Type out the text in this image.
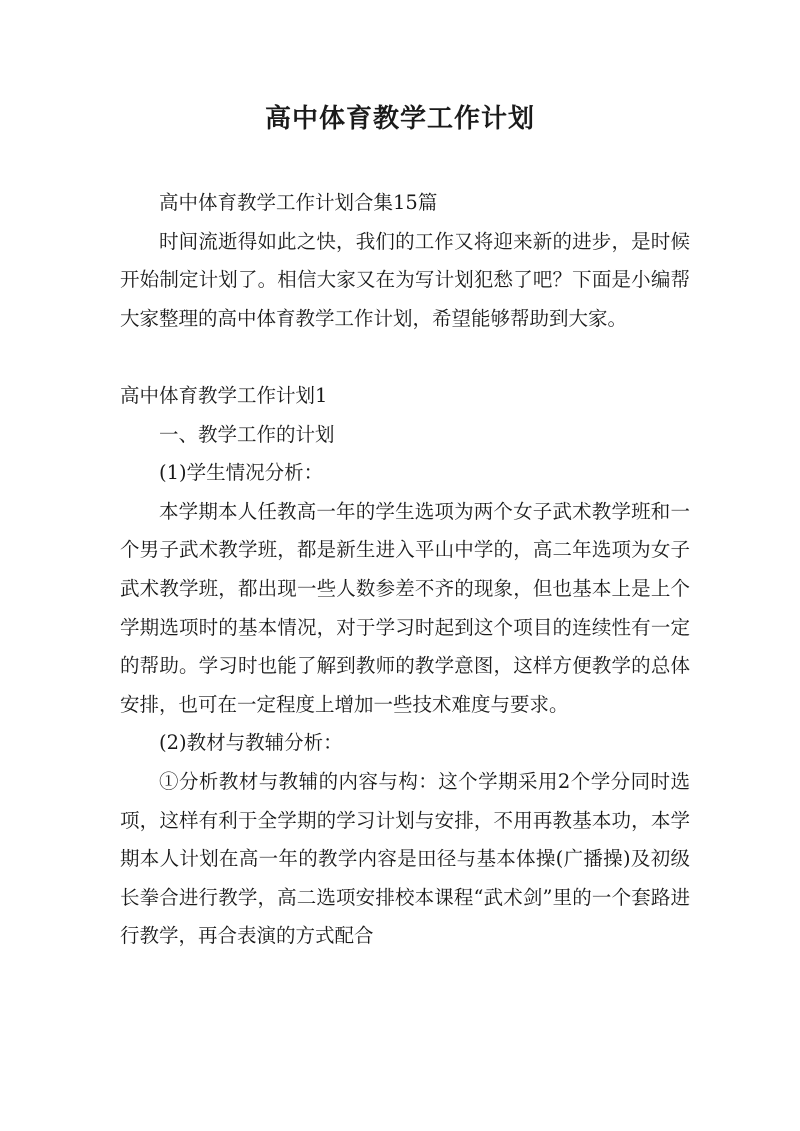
高中体育教学工作计划

高中体育教学工作计划合集15篇

时间流逝得如此之快，我们的工作又将迎来新的进步，是时候开始制定计划了。相信大家又在为写计划犯愁了吧？下面是小编帮大家整理的高中体育教学工作计划，希望能够帮助到大家。

高中体育教学工作计划1

一、教学工作的计划

(1)学生情况分析：

本学期本人任教高一年的学生选项为两个女子武术教学班和一个男子武术教学班，都是新生进入平山中学的，高二年选项为女子武术教学班，都出现一些人数参差不齐的现象，但也基本上是上个学期选项时的基本情况，对于学习时起到这个项目的连续性有一定的帮助。学习时也能了解到教师的教学意图，这样方便教学的总体安排，也可在一定程度上增加一些技术难度与要求。

(2)教材与教辅分析：

①分析教材与教辅的内容与构：这个学期采用2个学分同时选项，这样有利于全学期的学习计划与安排，不用再教基本功，本学期本人计划在高一年的教学内容是田径与基本体操(广播操)及初级长拳合进行教学，高二选项安排校本课程“武术剑”里的一个套路进行教学，再合表演的方式配合
